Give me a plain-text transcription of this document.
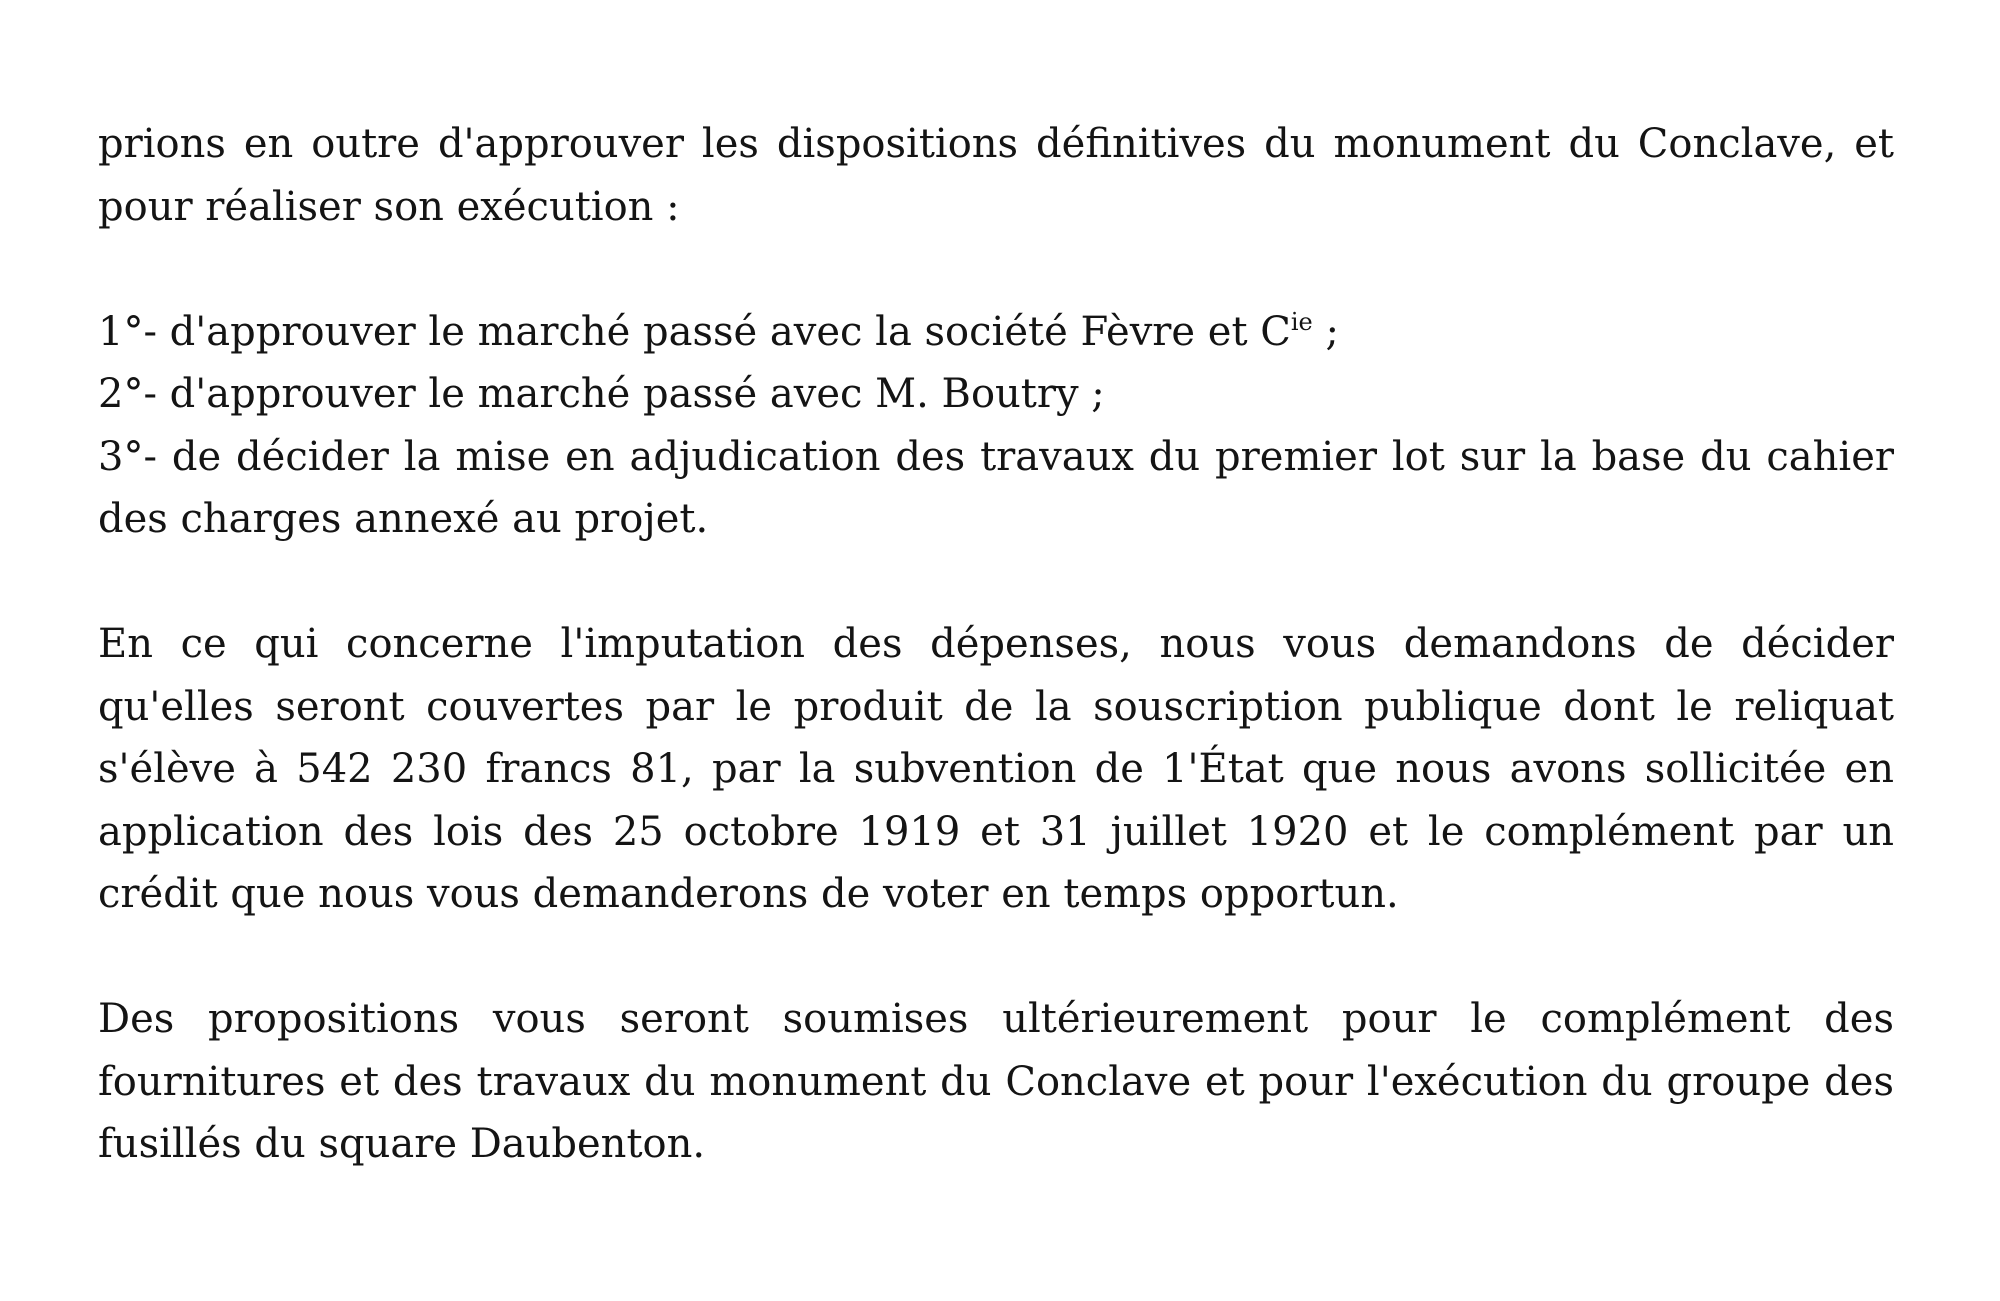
prions en outre d'approuver les dispositions définitives du monument du Conclave, et pour réaliser son exécution :

1°- d'approuver le marché passé avec la société Fèvre et $C^{ie}$ ;
2°- d'approuver le marché passé avec M. Boutry ;
3°- de décider la mise en adjudication des travaux du premier lot sur la base du cahier des charges annexé au projet.

En ce qui concerne l'imputation des dépenses, nous vous demandons de décider qu'elles seront couvertes par le produit de la souscription publique dont le reliquat s'élève à 542 230 francs 81, par la subvention de 1'État que nous avons sollicitée en application des lois des 25 octobre 1919 et 31 juillet 1920 et le complément par un crédit que nous vous demanderons de voter en temps opportun.

Des propositions vous seront soumises ultérieurement pour le complément des fournitures et des travaux du monument du Conclave et pour l'exécution du groupe des fusillés du square Daubenton.
